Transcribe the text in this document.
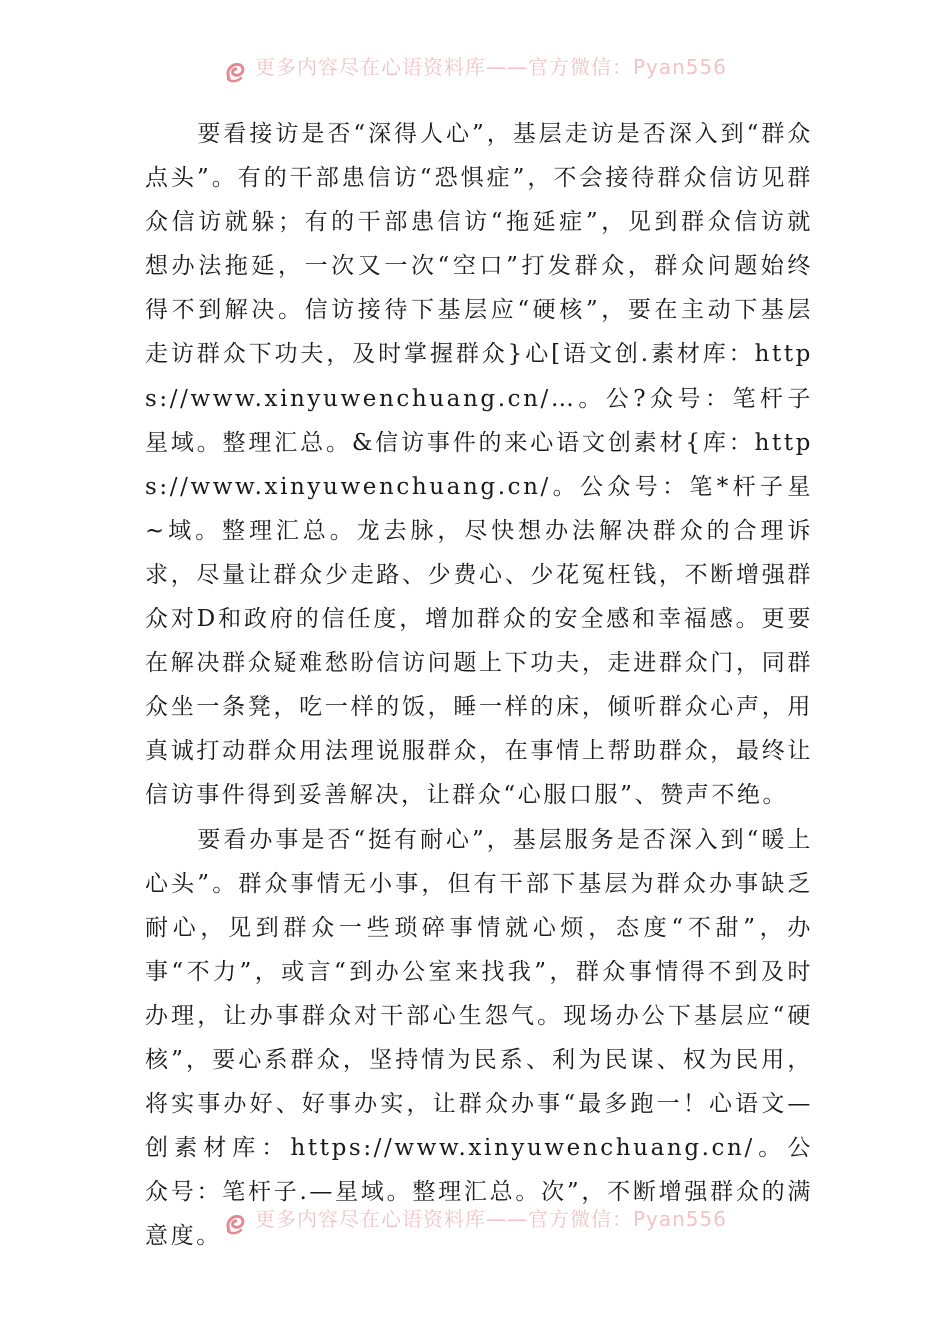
更多内容尽在心语资料库——官方微信：Pyan556

要看接访是否“深得人心”，基层走访是否深入到“群众点头”。有的干部患信访“恐惧症”，不会接待群众信访见群众信访就躲；有的干部患信访“拖延症”，见到群众信访就想办法拖延，一次又一次“空口”打发群众，群众问题始终得不到解决。信访接待下基层应“硬核”，要在主动下基层走访群众下功夫，及时掌握群众}心[语文创.素材库：https://www.xinyuwenchuang.cn/…。公?众号：笔杆子星域。整理汇总。&信访事件的来心语文创素材{库：https://www.xinyuwenchuang.cn/。公众号：笔*杆子星~域。整理汇总。龙去脉，尽快想办法解决群众的合理诉求，尽量让群众少走路、少费心、少花冤枉钱，不断增强群众对D和政府的信任度，增加群众的安全感和幸福感。更要在解决群众疑难愁盼信访问题上下功夫，走进群众门，同群众坐一条凳，吃一样的饭，睡一样的床，倾听群众心声，用真诚打动群众用法理说服群众，在事情上帮助群众，最终让信访事件得到妥善解决，让群众“心服口服”、赞声不绝。

要看办事是否“挺有耐心”，基层服务是否深入到“暖上心头”。群众事情无小事，但有干部下基层为群众办事缺乏耐心，见到群众一些琐碎事情就心烦，态度“不甜”，办事“不力”，或言“到办公室来找我”，群众事情得不到及时办理，让办事群众对干部心生怨气。现场办公下基层应“硬核”，要心系群众，坚持情为民系、利为民谋、权为民用，将实事办好、好事办实，让群众办事“最多跑一！心语文—创素材库：https://www.xinyuwenchuang.cn/。公众号：笔杆子.—星域。整理汇总。次”，不断增强群众的满意度。

更多内容尽在心语资料库——官方微信：Pyan556
